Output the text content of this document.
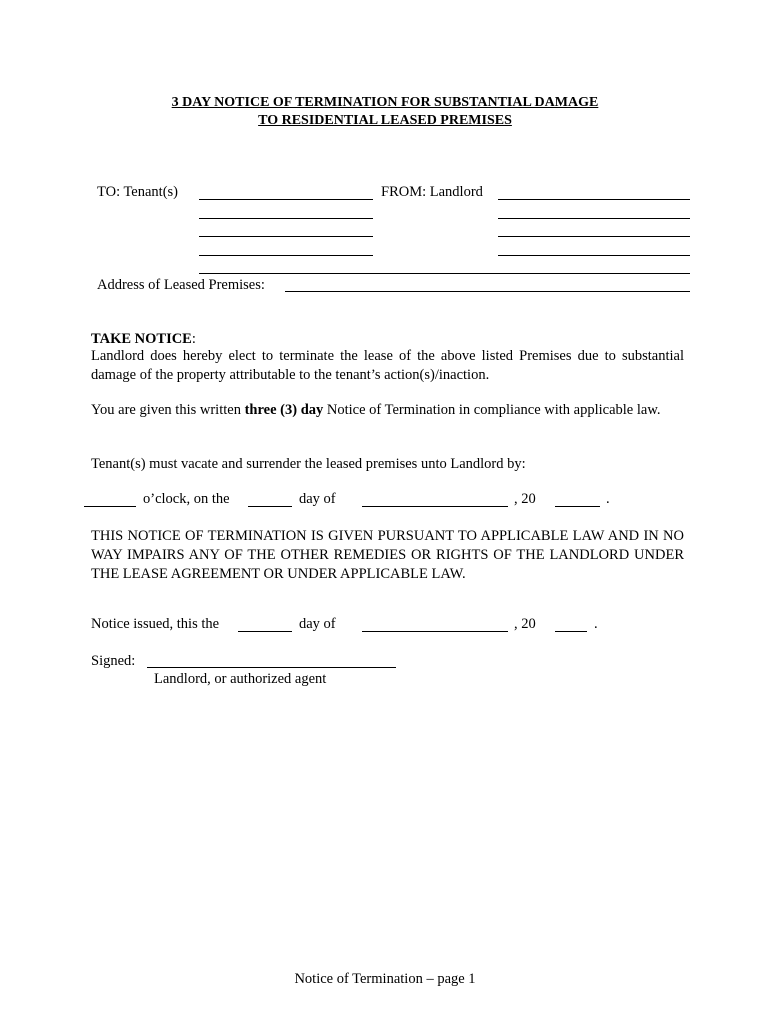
3 DAY NOTICE OF TERMINATION FOR SUBSTANTIAL DAMAGE
TO RESIDENTIAL LEASED PREMISES
TO: Tenant(s)	FROM: Landlord
Address of Leased Premises:
TAKE NOTICE:
Landlord does hereby elect to terminate the lease of the above listed Premises due to substantial damage of the property attributable to the tenant’s action(s)/inaction.
You are given this written three (3) day Notice of Termination in compliance with applicable law.
Tenant(s) must vacate and surrender the leased premises unto Landlord by:
o’clock, on the	day of	, 20	.
THIS NOTICE OF TERMINATION IS GIVEN PURSUANT TO APPLICABLE LAW AND IN NO WAY IMPAIRS ANY OF THE OTHER REMEDIES OR RIGHTS OF THE LANDLORD UNDER THE LEASE AGREEMENT OR UNDER APPLICABLE LAW.
Notice issued, this the	day of	, 20	.
Signed:
Landlord, or authorized agent
Notice of Termination – page 1
